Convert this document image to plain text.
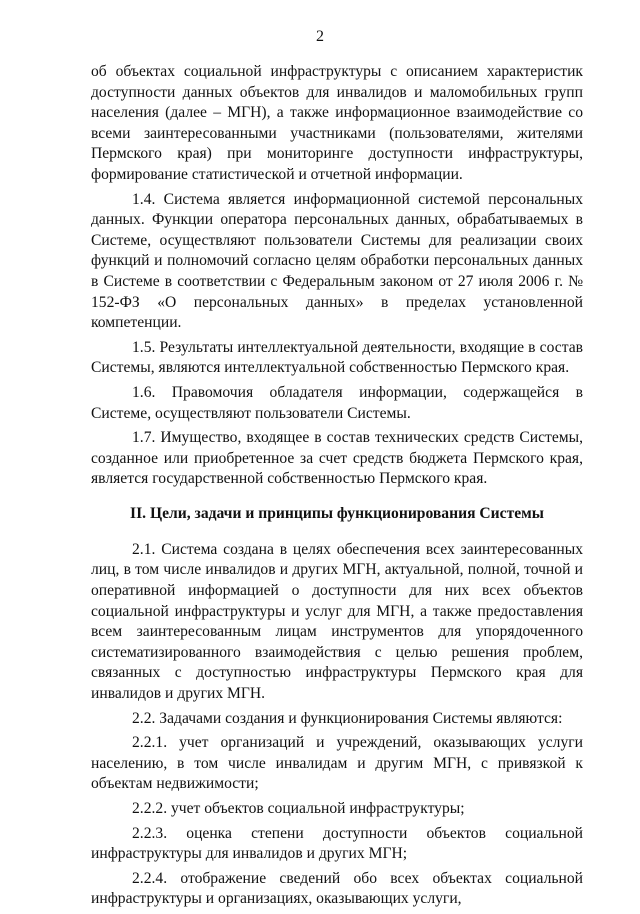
2

об объектах социальной инфраструктуры с описанием характеристик доступности данных объектов для инвалидов и маломобильных групп населения (далее – МГН), а также информационное взаимодействие со всеми заинтересованными участниками (пользователями, жителями Пермского края) при мониторинге доступности инфраструктуры, формирование статистической и отчетной информации.

1.4. Система является информационной системой персональных данных. Функции оператора персональных данных, обрабатываемых в Системе, осуществляют пользователи Системы для реализации своих функций и полномочий согласно целям обработки персональных данных в Системе в соответствии с Федеральным законом от 27 июля 2006 г. № 152-ФЗ «О персональных данных» в пределах установленной компетенции.

1.5. Результаты интеллектуальной деятельности, входящие в состав Системы, являются интеллектуальной собственностью Пермского края.

1.6. Правомочия обладателя информации, содержащейся в Системе, осуществляют пользователи Системы.

1.7. Имущество, входящее в состав технических средств Системы, созданное или приобретенное за счет средств бюджета Пермского края, является государственной собственностью Пермского края.

II. Цели, задачи и принципы функционирования Системы

2.1. Система создана в целях обеспечения всех заинтересованных лиц, в том числе инвалидов и других МГН, актуальной, полной, точной и оперативной информацией о доступности для них всех объектов социальной инфраструктуры и услуг для МГН, а также предоставления всем заинтересованным лицам инструментов для упорядоченного систематизированного взаимодействия с целью решения проблем, связанных с доступностью инфраструктуры Пермского края для инвалидов и других МГН.

2.2. Задачами создания и функционирования Системы являются:

2.2.1. учет организаций и учреждений, оказывающих услуги населению, в том числе инвалидам и другим МГН, с привязкой к объектам недвижимости;

2.2.2. учет объектов социальной инфраструктуры;

2.2.3. оценка степени доступности объектов социальной инфраструктуры для инвалидов и других МГН;

2.2.4. отображение сведений обо всех объектах социальной инфраструктуры и организациях, оказывающих услуги,
